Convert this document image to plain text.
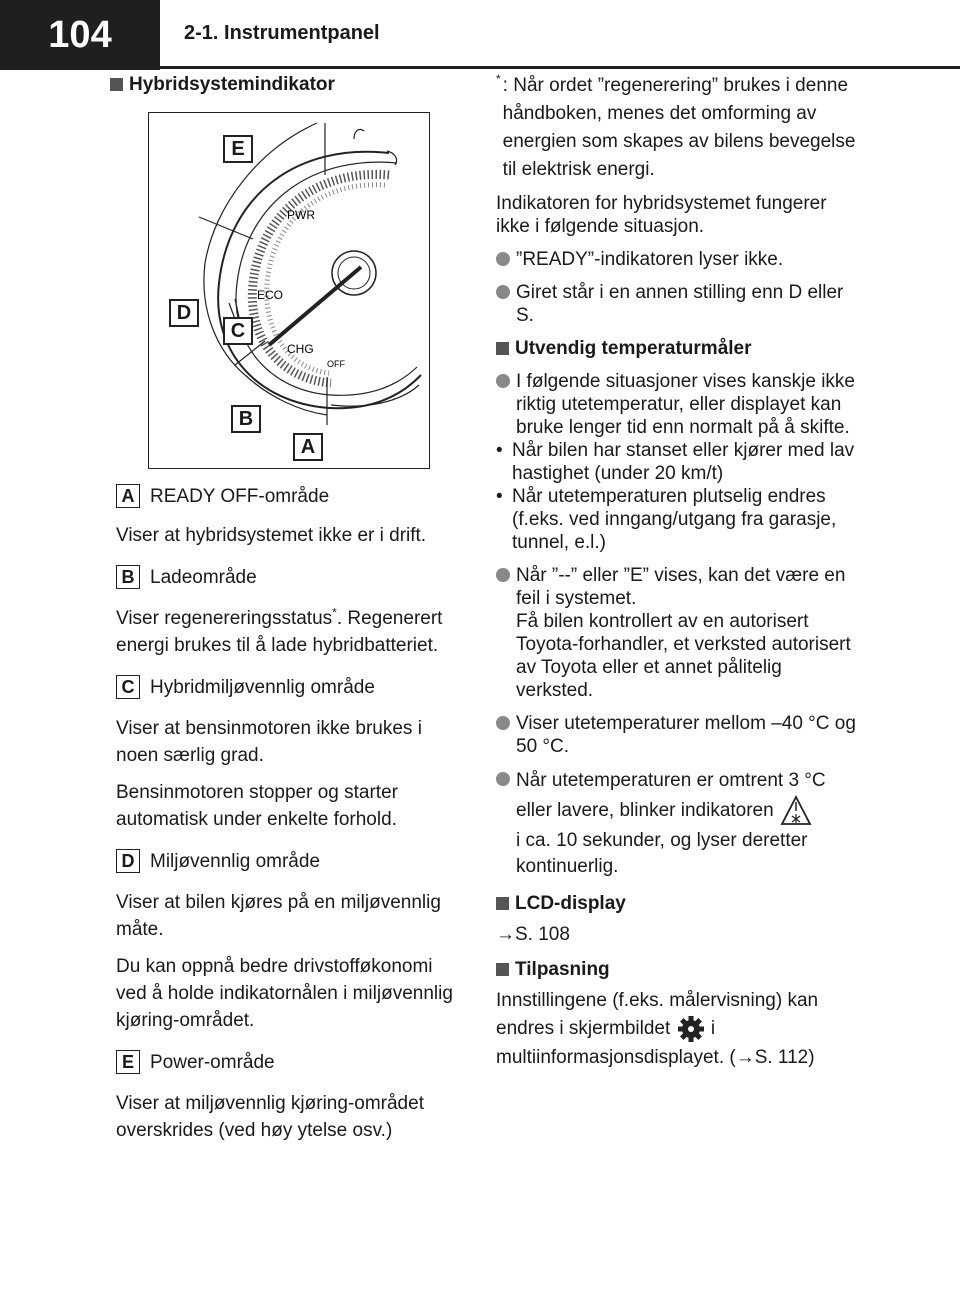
104	2-1. Instrumentpanel
Hybridsystemindikator
PWR
ECO
CHG
OFF
E
D
C
B
A
A READY OFF-område

Viser at hybridsystemet ikke er i drift.

B Ladeområde

Viser regenereringsstatus*. Regenerert energi brukes til å lade hybridbatteriet.

C Hybridmiljøvennlig område

Viser at bensinmotoren ikke brukes i noen særlig grad.

Bensinmotoren stopper og starter automatisk under enkelte forhold.

D Miljøvennlig område

Viser at bilen kjøres på en miljøvennlig måte.

Du kan oppnå bedre drivstofføkonomi ved å holde indikatornålen i miljøvennlig kjøring-området.

E Power-område

Viser at miljøvennlig kjøring-området overskrides (ved høy ytelse osv.)

* : Når ordet ”regenerering” brukes i denne håndboken, menes det omforming av energien som skapes av bilens bevegelse til elektrisk energi.

Indikatoren for hybridsystemet fungerer ikke i følgende situasjon.

”READY”-indikatoren lyser ikke.
Giret står i en annen stilling enn D eller S.
Utvendig temperaturmåler
I følgende situasjoner vises kanskje ikke riktig utetemperatur, eller displayet kan bruke lenger tid enn normalt på å skifte.
• Når bilen har stanset eller kjører med lav hastighet (under 20 km/t)
• Når utetemperaturen plutselig endres (f.eks. ved inngang/utgang fra garasje, tunnel, e.l.)
Når ”--” eller ”E” vises, kan det være en feil i systemet.
Få bilen kontrollert av en autorisert Toyota-forhandler, et verksted autorisert av Toyota eller et annet pålitelig verksted.
Viser utetemperaturer mellom –40 °C og 50 °C.
Når utetemperaturen er omtrent 3 °C eller lavere, blinker indikatoren
i ca. 10 sekunder, og lyser deretter kontinuerlig.
LCD-display

→S. 108

Tilpasning

Innstillingene (f.eks. målervisning) kan endres i skjermbildet i multiinformasjonsdisplayet. (→S. 112)
